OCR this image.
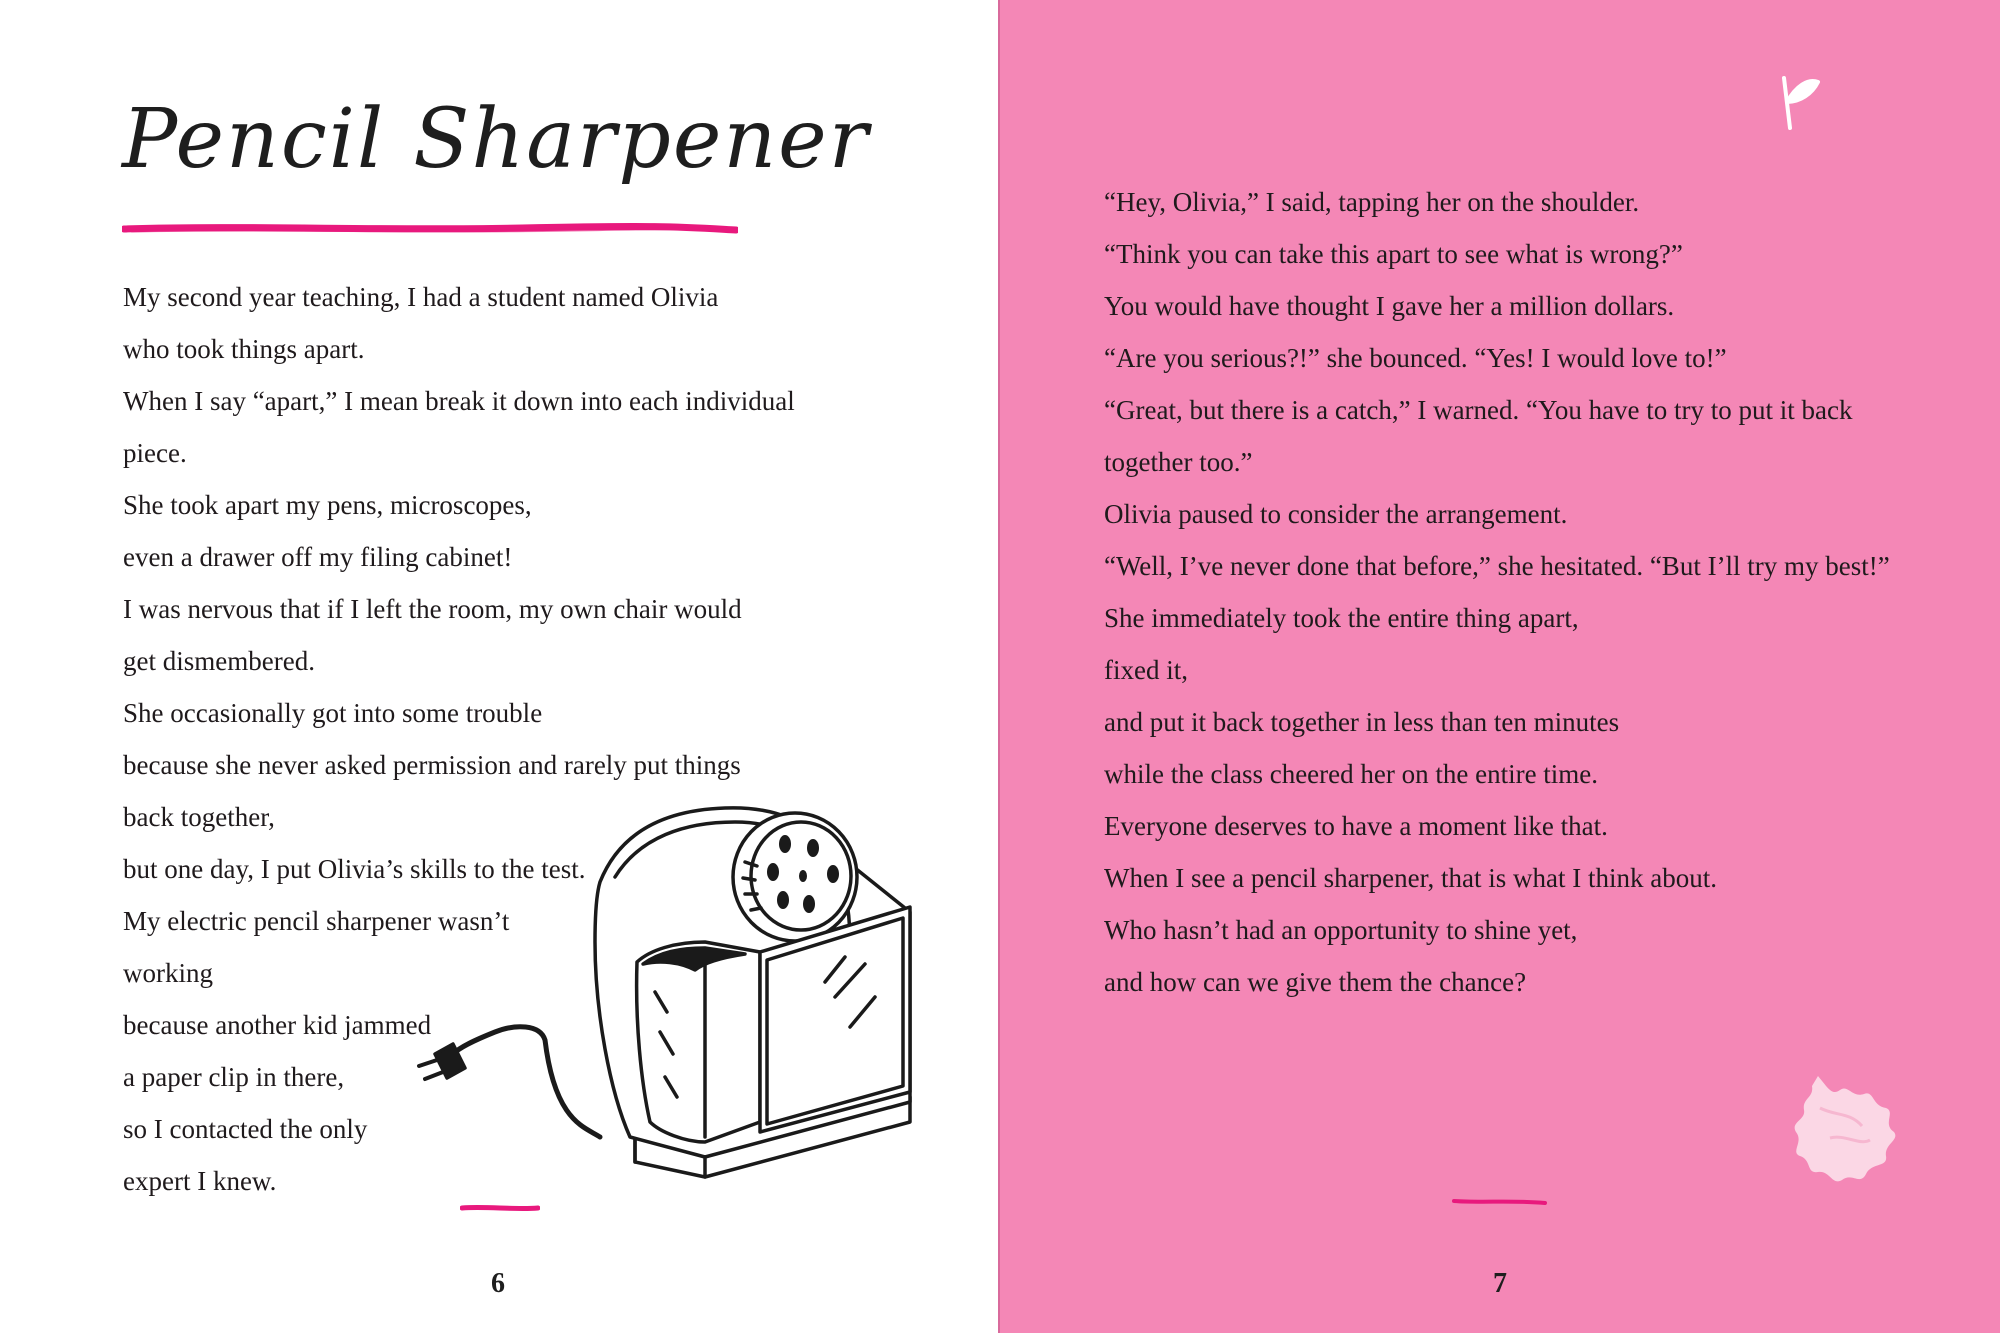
Pencil Sharpener
My second year teaching, I had a student named Olivia
who took things apart.
When I say “apart,” I mean break it down into each individual
piece.
She took apart my pens, microscopes,
even a drawer off my filing cabinet!
I was nervous that if I left the room, my own chair would
get dismembered.
She occasionally got into some trouble
because she never asked permission and rarely put things
back together,
but one day, I put Olivia’s skills to the test.
My electric pencil sharpener wasn’t
working
because another kid jammed
a paper clip in there,
so I contacted the only
expert I knew.
6
“Hey, Olivia,” I said, tapping her on the shoulder.
“Think you can take this apart to see what is wrong?”
You would have thought I gave her a million dollars.
“Are you serious?!” she bounced. “Yes! I would love to!”
“Great, but there is a catch,” I warned. “You have to try to put it back
together too.”
Olivia paused to consider the arrangement.
“Well, I’ve never done that before,” she hesitated. “But I’ll try my best!”
She immediately took the entire thing apart,
fixed it,
and put it back together in less than ten minutes
while the class cheered her on the entire time.
Everyone deserves to have a moment like that.
When I see a pencil sharpener, that is what I think about.
Who hasn’t had an opportunity to shine yet,
and how can we give them the chance?
7
